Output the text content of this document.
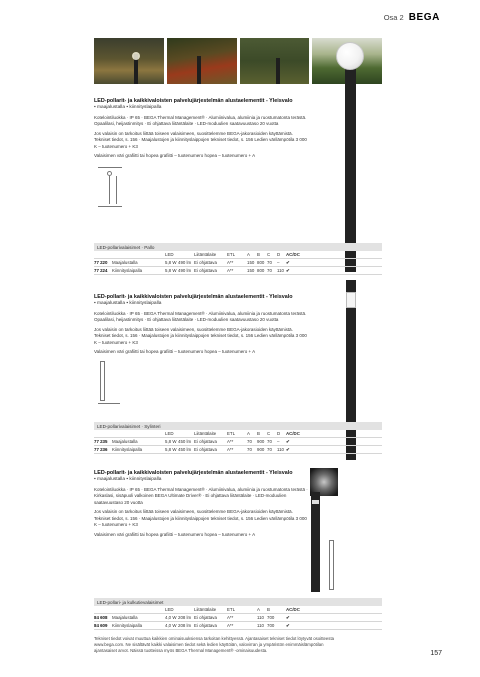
Osa 2 BEGA
LED-pollarit- ja kaikkivaloisten palvelujärjestelmän alustaelementit - Yleisvalo
▪ maajalustalla ▪ kiinnityslaipalla
Kotelointiluokka · IP 65 · BEGA Thermal Management® · Alumiinivalua, alumiinia ja ruostumatonta terästä. Opaalilasi, heijastinmitys · Ei ohjattava liitäntälaite · LED-moduulien saatavuustaso 20 vuotta
Jos valaisin on tarkoitus liittää toiseen valaisimeen, suosittelemme BEGA-jakorasioiden käyttämistä. Tekniset tiedot, s. 156 · Maajalustojen ja kiinnityslaippojen tekniset tiedot, s. 156 Ledien värilämpötila 3 000 K – tuotenumero + K3
Valaisimen väri grafiitti tai hopea grafiitti – tuotenumero hopea – tuotenumero + A
LED-pollarivalaisimet · Pallo
LED	Liitäntälaite	ETL	A	B	C	D	AC/DC
77 220	Maajalustalla	5,8 W 490 lm Ei ohjattava	A**	150 800 70	–	✔
77 224	Kiinnityslaipalla	5,8 W 490 lm Ei ohjattava	A**	150 800 70	110 ✔
LED-pollarit- ja kaikkivaloisten palvelujärjestelmän alustaelementit - Yleisvalo
▪ maajalustalla ▪ kiinnityslaipalla
Kotelointiluokka · IP 65 · BEGA Thermal Management® · Alumiinivalua, alumiinia ja ruostumatonta terästä. Opaalilasi, heijastinmitys · Ei ohjattava liitäntälaite · LED-moduulien saatavuustaso 20 vuotta
Jos valaisin on tarkoitus liittää toiseen valaisimeen, suosittelemme BEGA-jakorasioiden käyttämistä. Tekniset tiedot, s. 156 · Maajalustojen ja kiinnityslaippojen tekniset tiedot, s. 156 Ledien värilämpötila 3 000 K – tuotenumero + K3
Valaisimen väri grafiitti tai hopea grafiitti – tuotenumero hopea – tuotenumero + A
LED-pollarivalaisimet · Sylinteri
LED	Liitäntälaite	ETL	A	B	C	D	AC/DC
77 235	Maajalustalla	5,8 W 450 lm Ei ohjattava	A**	70	900 70	–	✔
77 236	Kiinnityslaipalla	5,8 W 450 lm Ei ohjattava	A**	70	900 70	110 ✔
LED-pollarit- ja kaikkivaloisten palvelujärjestelmän alustaelementit - Yleisvalo
▪ maajalustalla ▪ kiinnityslaipalla
Kotelointiluokka · IP 65 · BEGA Thermal Management® · Alumiinivalua, alumiinia ja ruostumatonta terästä · Kirkaslasi, sisäpuoli valkoinen BEGA Ultimate Driver® · Ei ohjattava liitäntälaite · LED-moduulien saatavuustaso 20 vuotta
Jos valaisin on tarkoitus liittää toiseen valaisimeen, suosittelemme BEGA-jakorasioiden käyttämistä. Tekniset tiedot, s. 156 · Maajalustojen ja kiinnityslaippojen tekniset tiedot, s. 156 Ledien värilämpötila 3 000 K – tuotenumero + K3
Valaisimen väri grafiitti tai hopea grafiitti – tuotenumero hopea – tuotenumero + A
LED-pollari- ja kulkutievalaisimet
LED	Liitäntälaite	ETL	A	B	AC/DC
84 608	Maajalustalla	4,0 W 208 lm Ei ohjattava	A**	110 700	✔
84 609	Kiinnityslaipalla	4,0 W 208 lm Ei ohjattava	A**	110 700	✔
Tekniset tiedot voivat muuttua kaikkien ominaisuuksiensa tarkoitan kehittyessä. Ajantasaiset tekniset tiedot löytyvät osoitteesta www.bega.com. Ne sisältävät kaikki valaisimen tiedot sekä ledien käyttöiän, valovirran ja ympäristön enimmäislämpötilan ajantasaiset arvot. Näissä tuotteissa myös BEGA Thermal Management® -ominaisuudesta.	157
